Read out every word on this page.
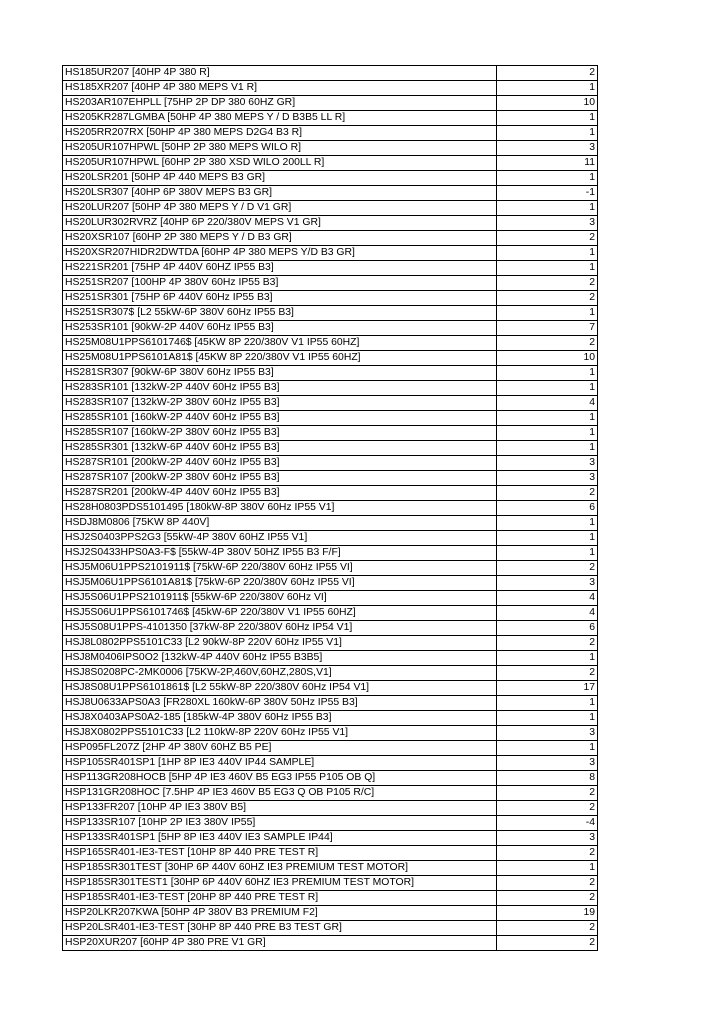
HS185UR207 [40HP 4P 380 R]	2
HS185XR207 [40HP 4P 380 MEPS V1 R]	1
HS203AR107EHPLL [75HP 2P DP 380 60HZ GR]	10
HS205KR287LGMBA [50HP 4P 380 MEPS Y / D B3B5 LL R]	1
HS205RR207RX [50HP 4P 380 MEPS D2G4 B3 R]	1
HS205UR107HPWL [50HP 2P 380 MEPS WILO R]	3
HS205UR107HPWL [60HP 2P 380 XSD WILO 200LL R]	11
HS20LSR201 [50HP 4P 440 MEPS B3 GR]	1
HS20LSR307 [40HP 6P 380V MEPS B3 GR]	-1
HS20LUR207 [50HP 4P 380 MEPS Y / D V1 GR]	1
HS20LUR302RVRZ [40HP 6P 220/380V MEPS V1 GR]	3
HS20XSR107 [60HP 2P 380 MEPS Y / D B3 GR]	2
HS20XSR207HIDR2DWTDA [60HP 4P 380 MEPS Y/D B3 GR]	1
HS221SR201 [75HP 4P 440V 60HZ IP55 B3]	1
HS251SR207 [100HP 4P 380V 60Hz IP55 B3]	2
HS251SR301 [75HP 6P 440V 60Hz IP55 B3]	2
HS251SR307$ [L2 55kW-6P 380V 60Hz IP55 B3]	1
HS253SR101 [90kW-2P 440V 60Hz IP55 B3]	7
HS25M08U1PPS6101746$ [45KW 8P 220/380V V1 IP55 60HZ]	2
HS25M08U1PPS6101A81$ [45KW 8P 220/380V V1 IP55 60HZ]	10
HS281SR307 [90kW-6P 380V 60Hz IP55 B3]	1
HS283SR101 [132kW-2P 440V 60Hz IP55 B3]	1
HS283SR107 [132kW-2P 380V 60Hz IP55 B3]	4
HS285SR101 [160kW-2P 440V 60Hz IP55 B3]	1
HS285SR107 [160kW-2P 380V 60Hz IP55 B3]	1
HS285SR301 [132kW-6P 440V 60Hz IP55 B3]	1
HS287SR101 [200kW-2P 440V 60Hz IP55 B3]	3
HS287SR107 [200kW-2P 380V 60Hz IP55 B3]	3
HS287SR201 [200kW-4P 440V 60Hz IP55 B3]	2
HS28H0803PDS5101495 [180kW-8P 380V 60Hz IP55 V1]	6
HSDJ8M0806 [75KW 8P 440V]	1
HSJ2S0403PPS2G3 [55kW-4P 380V 60HZ IP55 V1]	1
HSJ2S0433HPS0A3-F$ [55kW-4P 380V 50HZ IP55 B3 F/F]	1
HSJ5M06U1PPS2101911$ [75kW-6P 220/380V 60Hz IP55 VI]	2
HSJ5M06U1PPS6101A81$ [75kW-6P 220/380V 60Hz IP55 VI]	3
HSJ5S06U1PPS2101911$ [55kW-6P 220/380V 60Hz VI]	4
HSJ5S06U1PPS6101746$ [45kW-6P 220/380V V1 IP55 60HZ]	4
HSJ5S08U1PPS-4101350 [37kW-8P 220/380V 60Hz IP54 V1]	6
HSJ8L0802PPS5101C33 [L2 90kW-8P 220V 60Hz IP55 V1]	2
HSJ8M0406IPS0O2 [132kW-4P 440V 60Hz IP55 B3B5]	1
HSJ8S0208PC-2MK0006 [75KW-2P,460V,60HZ,280S,V1]	2
HSJ8S08U1PPS6101861$ [L2 55kW-8P 220/380V 60Hz IP54 V1]	17
HSJ8U0633APS0A3 [FR280XL 160kW-6P 380V 50Hz IP55 B3]	1
HSJ8X0403APS0A2-185 [185kW-4P 380V 60Hz IP55 B3]	1
HSJ8X0802PPS5101C33 [L2 110kW-8P 220V 60Hz IP55 V1]	3
HSP095FL207Z [2HP 4P 380V 60HZ B5 PE]	1
HSP105SR401SP1 [1HP 8P IE3 440V IP44 SAMPLE]	3
HSP113GR208HOCB [5HP 4P IE3 460V B5 EG3 IP55 P105 OB Q]	8
HSP131GR208HOC [7.5HP 4P IE3 460V B5 EG3 Q OB P105 R/C]	2
HSP133FR207 [10HP 4P IE3 380V B5]	2
HSP133SR107 [10HP 2P IE3 380V IP55]	-4
HSP133SR401SP1 [5HP 8P IE3 440V IE3 SAMPLE IP44]	3
HSP165SR401-IE3-TEST [10HP 8P 440 PRE TEST R]	2
HSP185SR301TEST [30HP 6P 440V 60HZ IE3 PREMIUM TEST MOTOR]	1
HSP185SR301TEST1 [30HP 6P 440V 60HZ IE3 PREMIUM TEST MOTOR]	2
HSP185SR401-IE3-TEST [20HP 8P 440 PRE TEST R]	2
HSP20LKR207KWA [50HP 4P 380V B3 PREMIUM F2]	19
HSP20LSR401-IE3-TEST [30HP 8P 440 PRE B3 TEST GR]	2
HSP20XUR207 [60HP 4P 380 PRE V1 GR]	2
